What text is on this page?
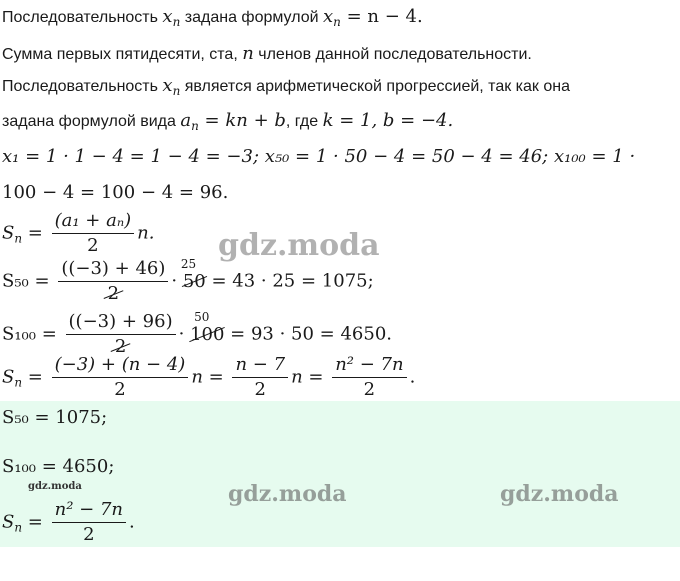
Последовательность $x_n$ задана формулой $x_n = n - 4$.
Сумма первых пятидесяти, ста, n членов данной последовательности.
Последовательность $x_n$ является арифметической прогрессией, так как она
задана формулой вида $a_n$ = kn + b, где k = 1, b = −4.
x₁ = 1 · 1 − 4 = 1 − 4 = −3; x₅₀ = 1 · 50 − 4 = 50 − 4 = 46; x₁₀₀ = 1 ·
100 − 4 = 100 − 4 = 96.
$S_n = \frac{\text{(a₁ + aₙ)}}{2} n$.
$S_{50} = \frac{((-3) + 46)}{2}$ ·
25
50 = 43 · 25 = 1075;
$S_{100} = \frac{((-3) + 96)}{2}$ ·
50
100 = 93 · 50 = 4650.
$S_n = \frac{(-3) + (n - 4)}{2}$ $n = \frac{n - 7}{2}$ $n = \frac{\text{n² − 7n}}{2}$ .
S₅₀ = 1075;
S₁₀₀ = 4650;
$S_n = \frac{\text{n² − 7n}}{2}$ .
gdz.moda	gdz.moda	gdz.moda
gdz.moda
